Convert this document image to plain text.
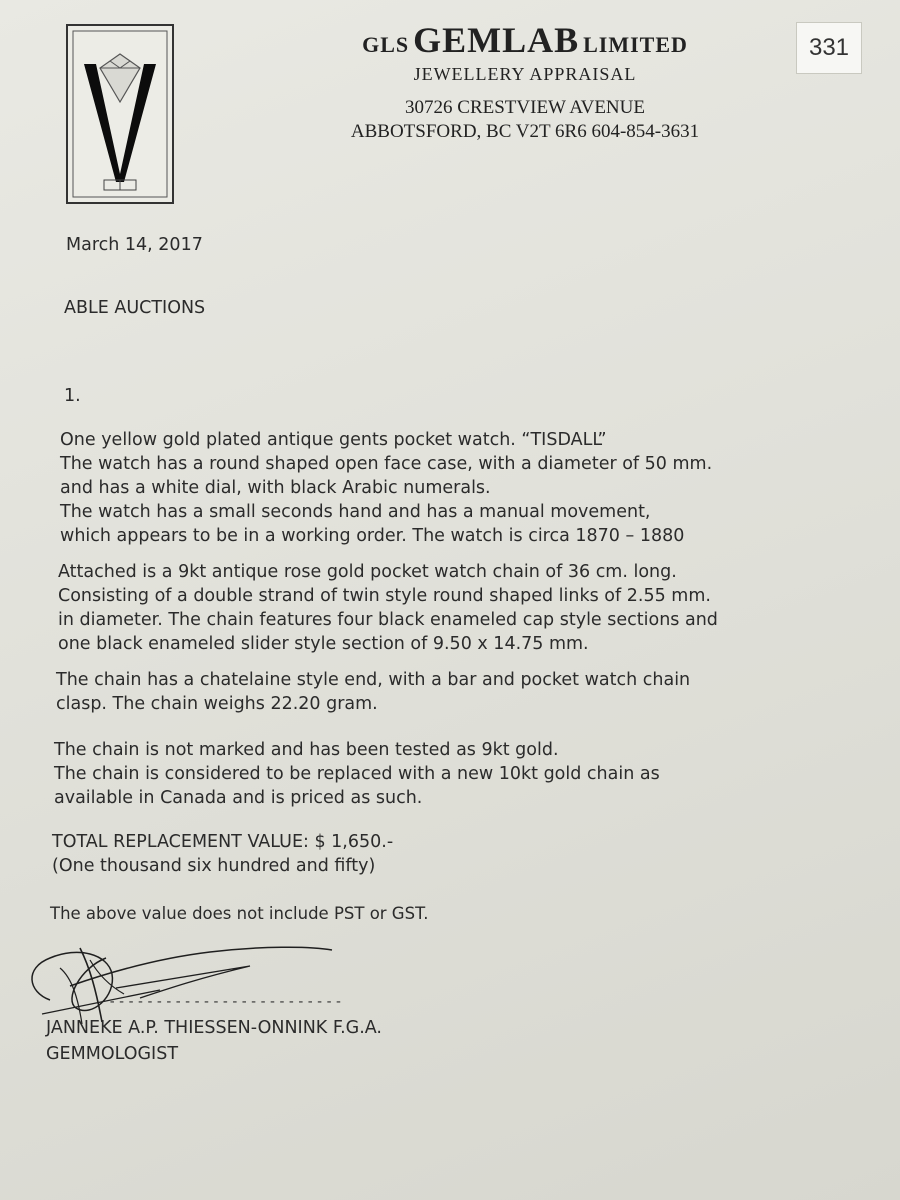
GLS GEMLAB LIMITED
JEWELLERY APPRAISAL
30726 CRESTVIEW AVENUE
ABBOTSFORD, BC V2T 6R6 604-854-3631
331
March 14, 2017
ABLE AUCTIONS
1.
One yellow gold plated antique gents pocket watch. “TISDALL”
The watch has a round shaped open face case, with a diameter of 50 mm.
and has a white dial, with black Arabic numerals.
The watch has a small seconds hand and has a manual movement,
which appears to be in a working order. The watch is circa 1870 – 1880
Attached is a 9kt antique rose gold pocket watch chain of 36 cm. long.
Consisting of a double strand of twin style round shaped links of 2.55 mm.
in diameter. The chain features four black enameled cap style sections and
one black enameled slider style section of 9.50 x 14.75 mm.
The chain has a chatelaine style end, with a bar and pocket watch chain
clasp. The chain weighs 22.20 gram.
The chain is not marked and has been tested as 9kt gold.
The chain is considered to be replaced with a new 10kt gold chain as
available in Canada and is priced as such.
TOTAL REPLACEMENT VALUE: $ 1,650.-
(One thousand six hundred and fifty)
The above value does not include PST or GST.
-------------------------
JANNEKE A.P. THIESSEN-ONNINK F.G.A.
GEMMOLOGIST
